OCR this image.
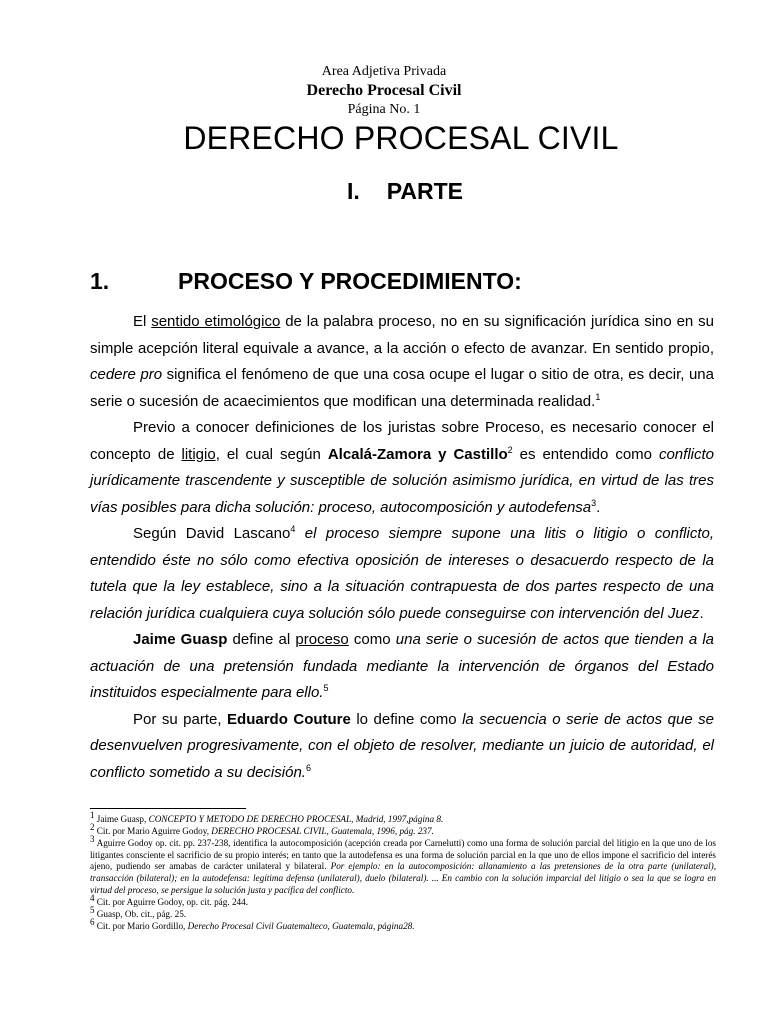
Area Adjetiva Privada
Derecho Procesal Civil
Página No. 1
DERECHO PROCESAL CIVIL
I. PARTE
1.	PROCESO Y PROCEDIMIENTO:

El sentido etimológico de la palabra proceso, no en su significación jurídica sino en su simple acepción literal equivale a avance, a la acción o efecto de avanzar. En sentido propio, cedere pro significa el fenómeno de que una cosa ocupe el lugar o sitio de otra, es decir, una serie o sucesión de acaecimientos que modifican una determinada realidad.$^1$

Previo a conocer definiciones de los juristas sobre Proceso, es necesario conocer el concepto de litigio, el cual según Alcalá-Zamora y Castillo$^2$ es entendido como conflicto jurídicamente trascendente y susceptible de solución asimismo jurídica, en virtud de las tres vías posibles para dicha solución: proceso, autocomposición y autodefensa$^3$.

Según David Lascano$^4$ el proceso siempre supone una litis o litigio o conflicto, entendido éste no sólo como efectiva oposición de intereses o desacuerdo respecto de la tutela que la ley establece, sino a la situación contrapuesta de dos partes respecto de una relación jurídica cualquiera cuya solución sólo puede conseguirse con intervención del Juez.

Jaime Guasp define al proceso como una serie o sucesión de actos que tienden a la actuación de una pretensión fundada mediante la intervención de órganos del Estado instituidos especialmente para ello.$^5$

Por su parte, Eduardo Couture lo define como la secuencia o serie de actos que se desenvuelven progresivamente, con el objeto de resolver, mediante un juicio de autoridad, el conflicto sometido a su decisión.$^6$

$^1$ Jaime Guasp, CONCEPTO Y METODO DE DERECHO PROCESAL, Madrid, 1997,página 8.

$^2$ Cit. por Mario Aguirre Godoy, DERECHO PROCESAL CIVIL, Guatemala, 1996, pág. 237.

$^3$ Aguirre Godoy op. cit. pp. 237-238, identifica la autocomposición (acepción creada por Carnelutti) como una forma de solución parcial del litigio en la que uno de los litigantes consciente el sacrificio de su propio interés; en tanto que la autodefensa es una forma de solución parcial en la que uno de ellos impone el sacrificio del interés ajeno, pudiendo ser amabas de carácter unilateral y bilateral. Por ejemplo: en la autocomposición: allanamiento a las pretensiones de la otra parte (unilateral), transacción (bilateral); en la autodefensa: legítima defensa (unilateral), duelo (bilateral). ... En cambio con la solución imparcial del litigio o sea la que se logra en virtud del proceso, se persigue la solución justa y pacífica del conflicto.

$^4$ Cit. por Aguirre Godoy, op. cit. pág. 244.

$^5$ Guasp, Ob. cit., pág. 25.

$^6$ Cit. por Mario Gordillo, Derecho Procesal Civil Guatemalteco, Guatemala, página28.
